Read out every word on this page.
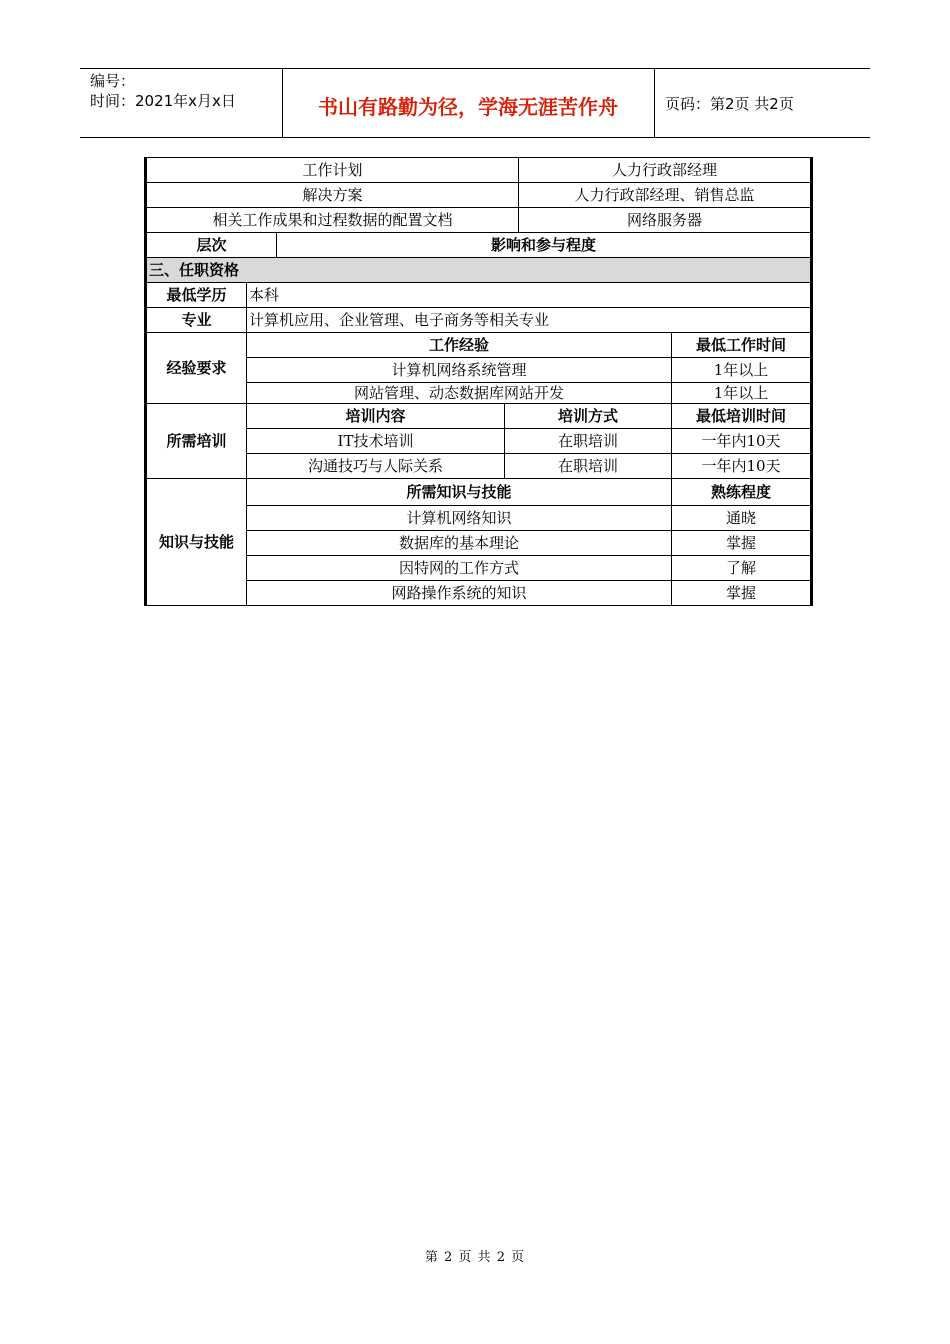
编号：
时间：2021年x月x日	书山有路勤为径，学海无涯苦作舟	页码：第2页 共2页
工作计划				人力行政部经理	
解决方案				人力行政部经理、销售总监	
相关工作成果和过程数据的配置文档				网络服务器	
层次		影响和参与程度			
三、任职资格					
最低学历	本科				
专业	计算机应用、企业管理、电子商务等相关专业				
经验要求	工作经验				最低工作时间
	计算机网络系统管理				1年以上
	网站管理、动态数据库网站开发				1年以上
所需培训	培训内容		培训方式		最低培训时间
	IT技术培训		在职培训		一年内10天
	沟通技巧与人际关系		在职培训		一年内10天
知识与技能	所需知识与技能				熟练程度
	计算机网络知识				通晓
	数据库的基本理论				掌握
	因特网的工作方式				了解
	网路操作系统的知识				掌握
第 2 页 共 2 页
